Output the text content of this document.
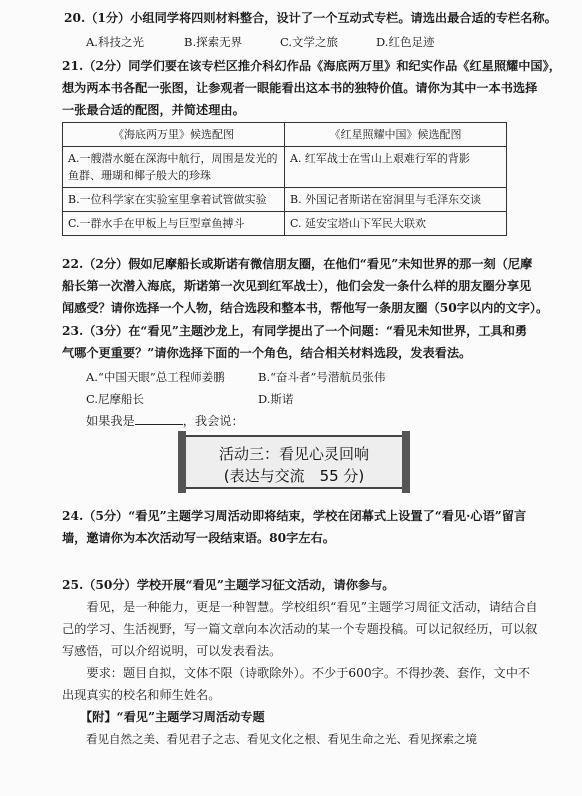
20.（1分）小组同学将四则材料整合，设计了一个互动式专栏。请选出最合适的专栏名称。
A.科技之光	B.探索无界	C.文学之旅	D.红色足迹
21.（2分）同学们要在该专栏区推介科幻作品《海底两万里》和纪实作品《红星照耀中国》，
想为两本书各配一张图，让参观者一眼能看出这本书的独特价值。请你为其中一本书选择
一张最合适的配图，并简述理由。
《海底两万里》候选配图	《红星照耀中国》候选配图
A.一艘潜水艇在深海中航行，周围是发光的鱼群、珊瑚和椰子般大的珍珠	A. 红军战士在雪山上艰难行军的背影
B.一位科学家在实验室里拿着试管做实验	B. 外国记者斯诺在窑洞里与毛泽东交谈
C.一群水手在甲板上与巨型章鱼搏斗	C. 延安宝塔山下军民大联欢
22.（2分）假如尼摩船长或斯诺有微信朋友圈，在他们“看见”未知世界的那一刻（尼摩
船长第一次潜入海底，斯诺第一次见到红军战士），他们会发一条什么样的朋友圈分享见
闻感受？请你选择一个人物，结合选段和整本书，帮他写一条朋友圈（50字以内的文字）。
23.（3分）在“看见”主题沙龙上，有同学提出了一个问题：“看见未知世界，工具和勇
气哪个更重要？”请你选择下面的一个角色，结合相关材料选段，发表看法。
A.“中国天眼”总工程师姜鹏	B.“奋斗者”号潜航员张伟
C.尼摩船长	D.斯诺
如果我是	，我会说：
活动三：看见心灵回响
(表达与交流　55 分)
24.（5分）“看见”主题学习周活动即将结束，学校在闭幕式上设置了“看见·心语”留言
墙，邀请你为本次活动写一段结束语。80字左右。
25.（50分）学校开展“看见”主题学习征文活动，请你参与。
看见，是一种能力，更是一种智慧。学校组织“看见”主题学习周征文活动，请结合自己的学习、生活视野，写一篇文章向本次活动的某一个专题投稿。可以记叙经历，可以叙写感悟，可以介绍说明，可以发表看法。
要求：题目自拟，文体不限（诗歌除外）。不少于600字。不得抄袭、套作，文中不出现真实的校名和师生姓名。
【附】“看见”主题学习周活动专题
看见自然之美、看见君子之志、看见文化之根、看见生命之光、看见探索之境
